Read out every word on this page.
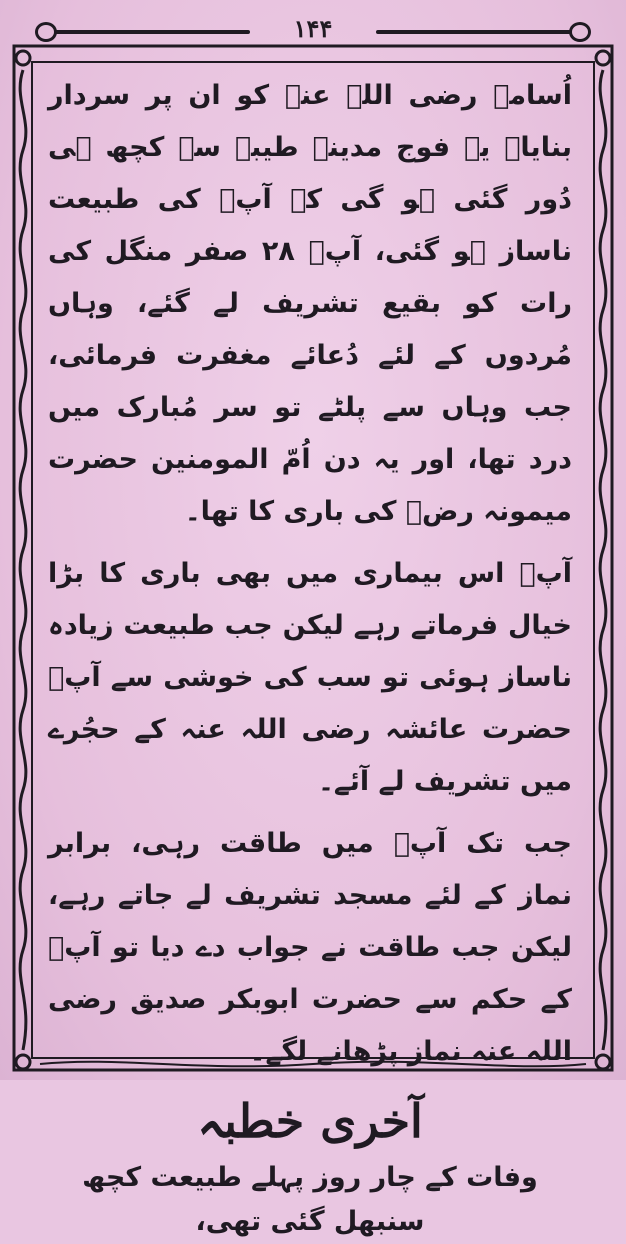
۱۴۴

اُسامہ رضی اللہ عنہ کو ان پر سردار بنایا۔ یہ فوج مدینہ طیبہ سے کچھ ہی دُور گئی ہو گی کہ آپؐ کی طبیعت ناساز ہو گئی، آپؐ ۲۸ صفر منگل کی رات کو بقیع تشریف لے گئے، وہاں مُردوں کے لئے دُعائے مغفرت فرمائی، جب وہاں سے پلٹے تو سر مُبارک میں درد تھا، اور یہ دن اُمّ المومنین حضرت میمونہ رضؓ کی باری کا تھا۔

آپؐ اس بیماری میں بھی باری کا بڑا خیال فرماتے رہے لیکن جب طبیعت زیادہ ناساز ہوئی تو سب کی خوشی سے آپؐ حضرت عائشہ رضی اللہ عنہ کے حجُرے میں تشریف لے آئے۔

جب تک آپؐ میں طاقت رہی، برابر نماز کے لئے مسجد تشریف لے جاتے رہے، لیکن جب طاقت نے جواب دے دیا تو آپؐ کے حکم سے حضرت ابوبکر صدیق رضی اللہ عنہ نماز پڑھانے لگے۔

آخری خطبہ
وفات کے چار روز پہلے طبیعت کچھ سنبھل گئی تھی،
